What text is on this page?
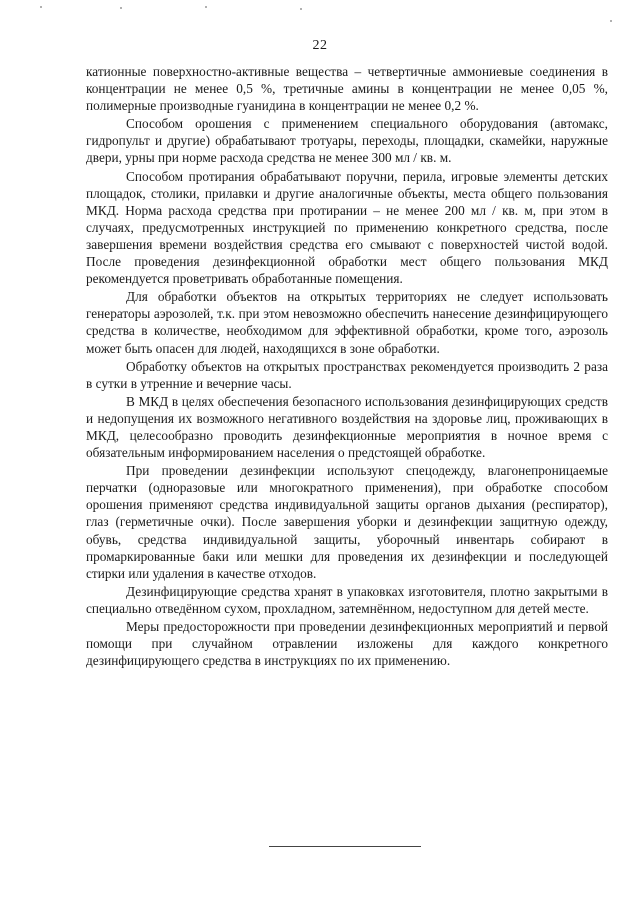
22

катионные поверхностно-активные вещества – четвертичные аммониевые соединения в концентрации не менее 0,5 %, третичные амины в концентрации не менее 0,05 %, полимерные производные гуанидина в концентрации не менее 0,2 %.

Способом орошения с применением специального оборудования (автомакс, гидропульт и другие) обрабатывают тротуары, переходы, площадки, скамейки, наружные двери, урны при норме расхода средства не менее 300 мл / кв. м.

Способом протирания обрабатывают поручни, перила, игровые элементы детских площадок, столики, прилавки и другие аналогичные объекты, места общего пользования МКД. Норма расхода средства при протирании – не менее 200 мл / кв. м, при этом в случаях, предусмотренных инструкцией по применению конкретного средства, после завершения времени воздействия средства его смывают с поверхностей чистой водой. После проведения дезинфекционной обработки мест общего пользования МКД рекомендуется проветривать обработанные помещения.

Для обработки объектов на открытых территориях не следует использовать генераторы аэрозолей, т.к. при этом невозможно обеспечить нанесение дезинфицирующего средства в количестве, необходимом для эффективной обработки, кроме того, аэрозоль может быть опасен для людей, находящихся в зоне обработки.

Обработку объектов на открытых пространствах рекомендуется производить 2 раза в сутки в утренние и вечерние часы.

В МКД в целях обеспечения безопасного использования дезинфицирующих средств и недопущения их возможного негативного воздействия на здоровье лиц, проживающих в МКД, целесообразно проводить дезинфекционные мероприятия в ночное время с обязательным информированием населения о предстоящей обработке.

При проведении дезинфекции используют спецодежду, влагонепроницаемые перчатки (одноразовые или многократного применения), при обработке способом орошения применяют средства индивидуальной защиты органов дыхания (респиратор), глаз (герметичные очки). После завершения уборки и дезинфекции защитную одежду, обувь, средства индивидуальной защиты, уборочный инвентарь собирают в промаркированные баки или мешки для проведения их дезинфекции и последующей стирки или удаления в качестве отходов.

Дезинфицирующие средства хранят в упаковках изготовителя, плотно закрытыми в специально отведённом сухом, прохладном, затемнённом, недоступном для детей месте.

Меры предосторожности при проведении дезинфекционных мероприятий и первой помощи при случайном отравлении изложены для каждого конкретного дезинфицирующего средства в инструкциях по их применению.
